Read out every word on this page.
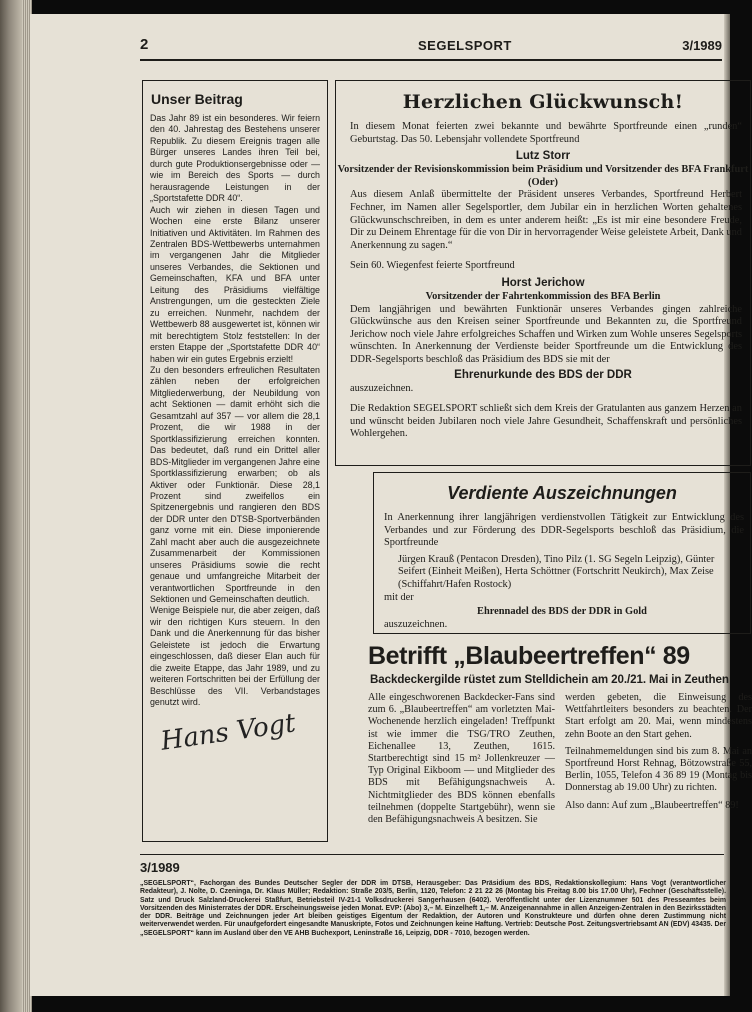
2	SEGELSPORT	3/1989
Unser Beitrag

Das Jahr 89 ist ein besonderes. Wir feiern den 40. Jahrestag des Bestehens unserer Republik. Zu diesem Ereignis tragen alle Bürger unseres Landes ihren Teil bei, durch gute Produktionsergebnisse oder — wie im Bereich des Sports — durch herausragende Leistungen in der „Sportstafette DDR 40“.

Auch wir ziehen in diesen Tagen und Wochen eine erste Bilanz unserer Initiativen und Aktivitäten. Im Rahmen des Zentralen BDS-Wettbewerbs unternahmen im vergangenen Jahr die Mitglieder unseres Verbandes, die Sektionen und Gemeinschaften, KFA und BFA unter Leitung des Präsidiums vielfältige Anstrengungen, um die gesteckten Ziele zu erreichen. Nunmehr, nachdem der Wettbewerb 88 ausgewertet ist, können wir mit berechtigtem Stolz feststellen: In der ersten Etappe der „Sportstafette DDR 40“ haben wir ein gutes Ergebnis erzielt!

Zu den besonders erfreulichen Resultaten zählen neben der erfolgreichen Mitgliederwerbung, der Neubildung von acht Sektionen — damit erhöht sich die Gesamtzahl auf 357 — vor allem die 28,1 Prozent, die wir 1988 in der Sportklassifizierung erreichen konnten. Das bedeutet, daß rund ein Drittel aller BDS-Mitglieder im vergangenen Jahre eine Sportklassifizierung erwarben; ob als Aktiver oder Funktionär. Diese 28,1 Prozent sind zweifellos ein Spitzenergebnis und rangieren den BDS der DDR unter den DTSB-Sportverbänden ganz vorne mit ein. Diese imponierende Zahl macht aber auch die ausgezeichnete Zusammenarbeit der Kommissionen unseres Präsidiums sowie die recht genaue und umfangreiche Mitarbeit der verantwortlichen Sportfreunde in den Sektionen und Gemeinschaften deutlich.

Wenige Beispiele nur, die aber zeigen, daß wir den richtigen Kurs steuern. In den Dank und die Anerkennung für das bisher Geleistete ist jedoch die Erwartung eingeschlossen, daß dieser Elan auch für die zweite Etappe, das Jahr 1989, und zu weiteren Fortschritten bei der Erfüllung der Beschlüsse des VII. Verbandstages genutzt wird.

Hans Vogt
Herzlichen Glückwunsch!
In diesem Monat feierten zwei bekannte und bewährte Sportfreunde einen „runden“ Geburtstag. Das 50. Lebensjahr vollendete Sportfreund
Lutz Storr
Vorsitzender der Revisionskommission beim Präsidium und Vorsitzender des BFA Frankfurt (Oder)
Aus diesem Anlaß übermittelte der Präsident unseres Verbandes, Sportfreund Herbert Fechner, im Namen aller Segelsportler, dem Jubilar ein in herzlichen Worten gehaltenes Glückwunschschreiben, in dem es unter anderem heißt: „Es ist mir eine besondere Freude, Dir zu Deinem Ehrentage für die von Dir in hervorragender Weise geleistete Arbeit, Dank und Anerkennung zu sagen.“
Sein 60. Wiegenfest feierte Sportfreund
Horst Jerichow
Vorsitzender der Fahrtenkommission des BFA Berlin
Dem langjährigen und bewährten Funktionär unseres Verbandes gingen zahlreiche Glückwünsche aus den Kreisen seiner Sportfreunde und Bekannten zu, die Sportfreund Jerichow noch viele Jahre erfolgreiches Schaffen und Wirken zum Wohle unseres Segelsports wünschten. In Anerkennung der Verdienste beider Sportfreunde um die Entwicklung des DDR-Segelsports beschloß das Präsidium des BDS sie mit der
Ehrenurkunde des BDS der DDR
auszuzeichnen.
Die Redaktion SEGELSPORT schließt sich dem Kreis der Gratulanten aus ganzem Herzen an und wünscht beiden Jubilaren noch viele Jahre Gesundheit, Schaffenskraft und persönliches Wohlergehen.
Verdiente Auszeichnungen
In Anerkennung ihrer langjährigen verdienstvollen Tätigkeit zur Entwicklung des Verbandes und zur Förderung des DDR-Segelsports beschloß das Präsidium, die Sportfreunde
Jürgen Krauß (Pentacon Dresden), Tino Pilz (1. SG Segeln Leipzig), Günter Seifert (Einheit Meißen), Herta Schöttner (Fortschritt Neukirch), Max Zeise (Schiffahrt/Hafen Rostock)
mit der
Ehrennadel des BDS der DDR in Gold
auszuzeichnen.
Betrifft „Blaubeertreffen“ 89
Backdeckergilde rüstet zum Stelldichein am 20./21. Mai in Zeuthen

Alle eingeschworenen Backdecker-Fans sind zum 6. „Blaubeertreffen“ am vorletzten Mai-Wochenende herzlich eingeladen! Treffpunkt ist wie immer die TSG/TRO Zeuthen, Eichenallee 13, Zeuthen, 1615. Startberechtigt sind 15 m² Jollenkreuzer — Typ Original Eikboom — und Mitglieder des BDS mit Befähigungsnachweis A. Nichtmitglieder des BDS können ebenfalls teilnehmen (doppelte Startgebühr), wenn sie den Befähigungsnachweis A besitzen. Sie

werden gebeten, die Einweisung des Wettfahrtleiters besonders zu beachten. Der Start erfolgt am 20. Mai, wenn mindestens zehn Boote an den Start gehen.

Teilnahmemeldungen sind bis zum 8. Mai an Sportfreund Horst Rehnag, Bötzowstraße 55, Berlin, 1055, Telefon 4 36 89 19 (Montag bis Donnerstag ab 19.00 Uhr) zu richten.

Also dann: Auf zum „Blaubeertreffen“ 89!

3/1989
„SEGELSPORT“, Fachorgan des Bundes Deutscher Segler der DDR im DTSB, Herausgeber: Das Präsidium des BDS, Redaktionskollegium: Hans Vogt (verantwortlicher Redakteur), J. Nolte, D. Czeninga, Dr. Klaus Müller; Redaktion: Straße 203/5, Berlin, 1120, Telefon: 2 21 22 26 (Montag bis Freitag 8.00 bis 17.00 Uhr), Fechner (Geschäftsstelle). Satz und Druck Salzland-Druckerei Staßfurt, Betriebsteil IV-21-1 Volksdruckerei Sangerhausen (6402). Veröffentlicht unter der Lizenznummer 501 des Presseamtes beim Vorsitzenden des Ministerrates der DDR. Erscheinungsweise jeden Monat. EVP: (Abo) 3,– M. Einzelheft 1,– M. Anzeigenannahme in allen Anzeigen-Zentralen in den Bezirksstädten der DDR. Beiträge und Zeichnungen jeder Art bleiben geistiges Eigentum der Redaktion, der Autoren und Konstrukteure und dürfen ohne deren Zustimmung nicht weiterverwendet werden. Für unaufgefordert eingesandte Manuskripte, Fotos und Zeichnungen keine Haftung. Vertrieb: Deutsche Post. Zeitungsvertriebsamt AN (EDV) 43435. Der „SEGELSPORT“ kann im Ausland über den VE AHB Buchexport, Leninstraße 16, Leipzig, DDR - 7010, bezogen werden.
